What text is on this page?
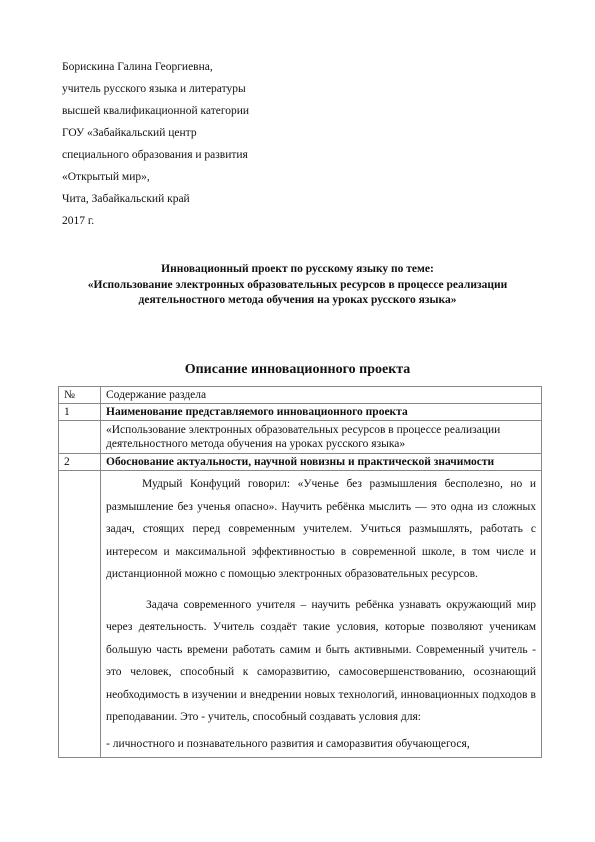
Борискина Галина Георгиевна,
учитель русского языка и литературы
высшей квалификационной категории
ГОУ «Забайкальский центр
специального образования и развития
«Открытый мир»,
Чита, Забайкальский край
2017 г.
Инновационный проект по русскому языку по теме:
«Использование электронных образовательных ресурсов в процессе реализации
деятельностного метода обучения на уроках русского языка»
Описание инновационного проекта
№	Содержание раздела
1	Наименование представляемого инновационного проекта
	«Использование электронных образовательных ресурсов в процессе реализации деятельностного метода обучения на уроках русского языка»
2	Обоснование актуальности, научной новизны и практической значимости

	Мудрый Конфуций говорил: «Ученье без размышления бесполезно, но и размышление без ученья опасно». Научить ребёнка мыслить — это одна из сложных задач, стоящих перед современным учителем. Учиться размышлять, работать с интересом и максимальной эффективностью в современной школе, в том числе и дистанционной можно с помощью электронных образовательных ресурсов.
Задача современного учителя – научить ребёнка узнавать окружающий мир через деятельность. Учитель создаёт такие условия, которые позволяют ученикам большую часть времени работать самим и быть активными. Современный учитель - это человек, способный к саморазвитию, самосовершенствованию, осознающий необходимость в изучении и внедрении новых технологий, инновационных подходов в преподавании. Это - учитель, способный создавать условия для:
- личностного и познавательного развития и саморазвития обучающегося,
